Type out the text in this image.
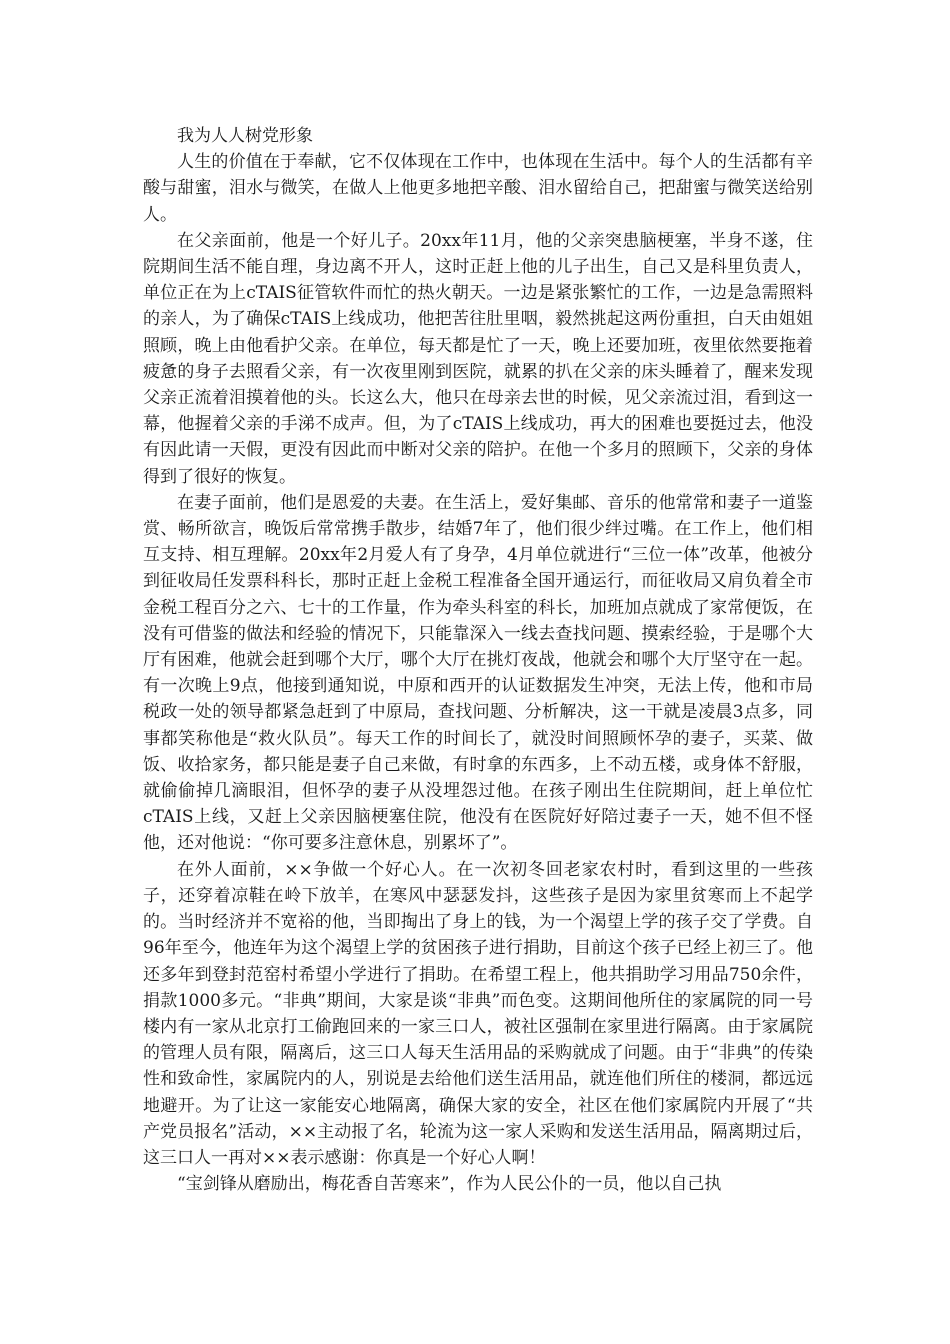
我为人人树党形象

人生的价值在于奉献，它不仅体现在工作中，也体现在生活中。每个人的生活都有辛酸与甜蜜，泪水与微笑，在做人上他更多地把辛酸、泪水留给自己，把甜蜜与微笑送给别人。

在父亲面前，他是一个好儿子。20xx年11月，他的父亲突患脑梗塞，半身不遂，住院期间生活不能自理，身边离不开人，这时正赶上他的儿子出生，自己又是科里负责人，单位正在为上cTAIS征管软件而忙的热火朝天。一边是紧张繁忙的工作，一边是急需照料的亲人，为了确保cTAIS上线成功，他把苦往肚里咽，毅然挑起这两份重担，白天由姐姐照顾，晚上由他看护父亲。在单位，每天都是忙了一天，晚上还要加班，夜里依然要拖着疲惫的身子去照看父亲，有一次夜里刚到医院，就累的扒在父亲的床头睡着了，醒来发现父亲正流着泪摸着他的头。长这么大，他只在母亲去世的时候，见父亲流过泪，看到这一幕，他握着父亲的手涕不成声。但，为了cTAIS上线成功，再大的困难也要挺过去，他没有因此请一天假，更没有因此而中断对父亲的陪护。在他一个多月的照顾下，父亲的身体得到了很好的恢复。

在妻子面前，他们是恩爱的夫妻。在生活上，爱好集邮、音乐的他常常和妻子一道鉴赏、畅所欲言，晚饭后常常携手散步，结婚7年了，他们很少绊过嘴。在工作上，他们相互支持、相互理解。20xx年2月爱人有了身孕，4月单位就进行“三位一体”改革，他被分到征收局任发票科科长，那时正赶上金税工程准备全国开通运行，而征收局又肩负着全市金税工程百分之六、七十的工作量，作为牵头科室的科长，加班加点就成了家常便饭，在没有可借鉴的做法和经验的情况下，只能靠深入一线去查找问题、摸索经验，于是哪个大厅有困难，他就会赶到哪个大厅，哪个大厅在挑灯夜战，他就会和哪个大厅坚守在一起。有一次晚上9点，他接到通知说，中原和西开的认证数据发生冲突，无法上传，他和市局税政一处的领导都紧急赶到了中原局，查找问题、分析解决，这一干就是凌晨3点多，同事都笑称他是“救火队员”。每天工作的时间长了，就没时间照顾怀孕的妻子，买菜、做饭、收拾家务，都只能是妻子自己来做，有时拿的东西多，上不动五楼，或身体不舒服，就偷偷掉几滴眼泪，但怀孕的妻子从没埋怨过他。在孩子刚出生住院期间，赶上单位忙cTAIS上线，又赶上父亲因脑梗塞住院，他没有在医院好好陪过妻子一天，她不但不怪他，还对他说：“你可要多注意休息，别累坏了”。

在外人面前，××争做一个好心人。在一次初冬回老家农村时，看到这里的一些孩子，还穿着凉鞋在岭下放羊，在寒风中瑟瑟发抖，这些孩子是因为家里贫寒而上不起学的。当时经济并不宽裕的他，当即掏出了身上的钱，为一个渴望上学的孩子交了学费。自96年至今，他连年为这个渴望上学的贫困孩子进行捐助，目前这个孩子已经上初三了。他还多年到登封范窑村希望小学进行了捐助。在希望工程上，他共捐助学习用品750余件，捐款1000多元。“非典”期间，大家是谈“非典”而色变。这期间他所住的家属院的同一号楼内有一家从北京打工偷跑回来的一家三口人，被社区强制在家里进行隔离。由于家属院的管理人员有限，隔离后，这三口人每天生活用品的采购就成了问题。由于“非典”的传染性和致命性，家属院内的人，别说是去给他们送生活用品，就连他们所住的楼洞，都远远地避开。为了让这一家能安心地隔离，确保大家的安全，社区在他们家属院内开展了“共产党员报名”活动，××主动报了名，轮流为这一家人采购和发送生活用品，隔离期过后，这三口人一再对××表示感谢：你真是一个好心人啊！

“宝剑锋从磨励出，梅花香自苦寒来”，作为人民公仆的一员，他以自己执
